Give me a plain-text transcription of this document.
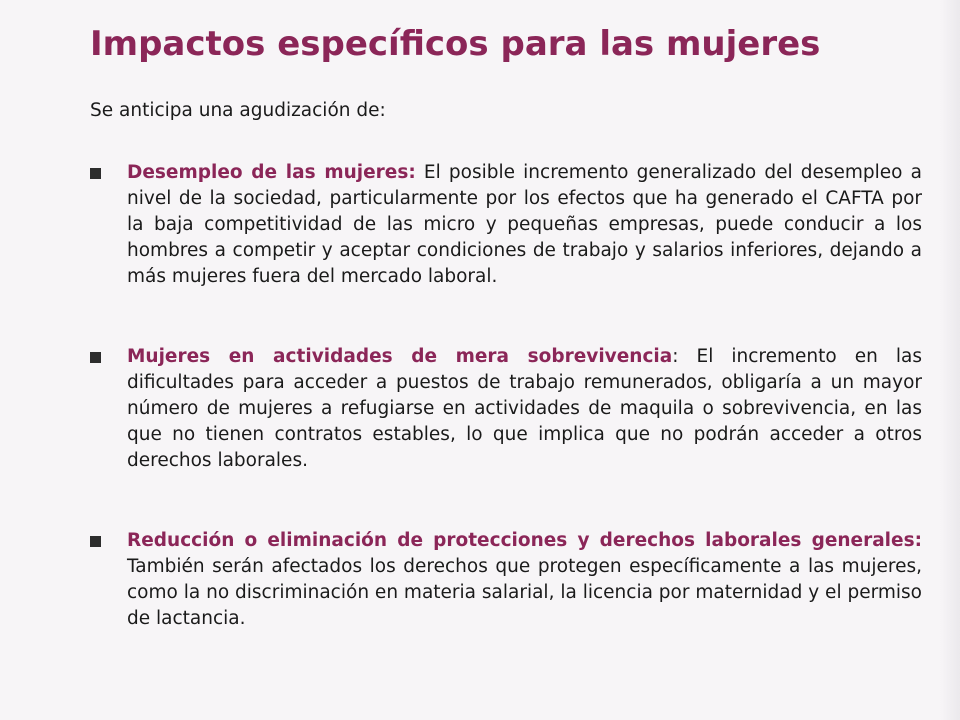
Impactos específicos para las mujeres

Se anticipa una agudización de:

Desempleo de las mujeres: El posible incremento generalizado del desempleo a nivel de la sociedad, particularmente por los efectos que ha generado el CAFTA por la baja competitividad de las micro y pequeñas empresas, puede conducir a los hombres a competir y aceptar condiciones de trabajo y salarios inferiores, dejando a más mujeres fuera del mercado laboral.

Mujeres en actividades de mera sobrevivencia: El incremento en las dificultades para acceder a puestos de trabajo remunerados, obligaría a un mayor número de mujeres a refugiarse en actividades de maquila o sobrevivencia, en las que no tienen contratos estables, lo que implica que no podrán acceder a otros derechos laborales.

Reducción o eliminación de protecciones y derechos laborales generales: También serán afectados los derechos que protegen específicamente a las mujeres, como la no discriminación en materia salarial, la licencia por maternidad y el permiso de lactancia.
